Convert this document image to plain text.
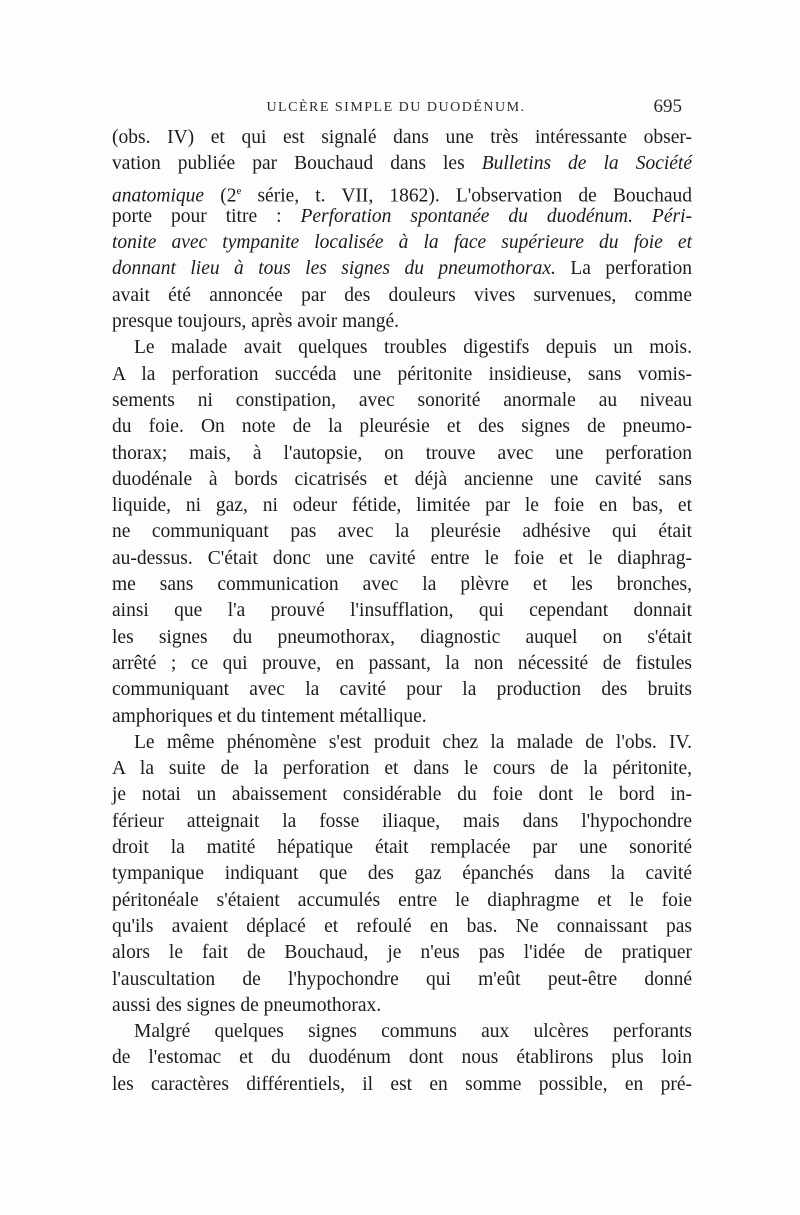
ULCÈRE SIMPLE DU DUODÉNUM.	695
(obs. IV) et qui est signalé dans une très intéressante obser-
vation publiée par Bouchaud dans les Bulletins de la Société
anatomique (2e série, t. VII, 1862). L'observation de Bouchaud
porte pour titre : Perforation spontanée du duodénum. Péri-
tonite avec tympanite localisée à la face supérieure du foie et
donnant lieu à tous les signes du pneumothorax. La perforation
avait été annoncée par des douleurs vives survenues, comme
presque toujours, après avoir mangé.
Le malade avait quelques troubles digestifs depuis un mois.
A la perforation succéda une péritonite insidieuse, sans vomis-
sements ni constipation, avec sonorité anormale au niveau
du foie. On note de la pleurésie et des signes de pneumo-
thorax; mais, à l'autopsie, on trouve avec une perforation
duodénale à bords cicatrisés et déjà ancienne une cavité sans
liquide, ni gaz, ni odeur fétide, limitée par le foie en bas, et
ne communiquant pas avec la pleurésie adhésive qui était
au-dessus. C'était donc une cavité entre le foie et le diaphrag-
me sans communication avec la plèvre et les bronches,
ainsi que l'a prouvé l'insufflation, qui cependant donnait
les signes du pneumothorax, diagnostic auquel on s'était
arrêté ; ce qui prouve, en passant, la non nécessité de fistules
communiquant avec la cavité pour la production des bruits
amphoriques et du tintement métallique.
Le même phénomène s'est produit chez la malade de l'obs. IV.
A la suite de la perforation et dans le cours de la péritonite,
je notai un abaissement considérable du foie dont le bord in-
férieur atteignait la fosse iliaque, mais dans l'hypochondre
droit la matité hépatique était remplacée par une sonorité
tympanique indiquant que des gaz épanchés dans la cavité
péritonéale s'étaient accumulés entre le diaphragme et le foie
qu'ils avaient déplacé et refoulé en bas. Ne connaissant pas
alors le fait de Bouchaud, je n'eus pas l'idée de pratiquer
l'auscultation de l'hypochondre qui m'eût peut-être donné
aussi des signes de pneumothorax.
Malgré quelques signes communs aux ulcères perforants
de l'estomac et du duodénum dont nous établirons plus loin
les caractères différentiels, il est en somme possible, en pré-
